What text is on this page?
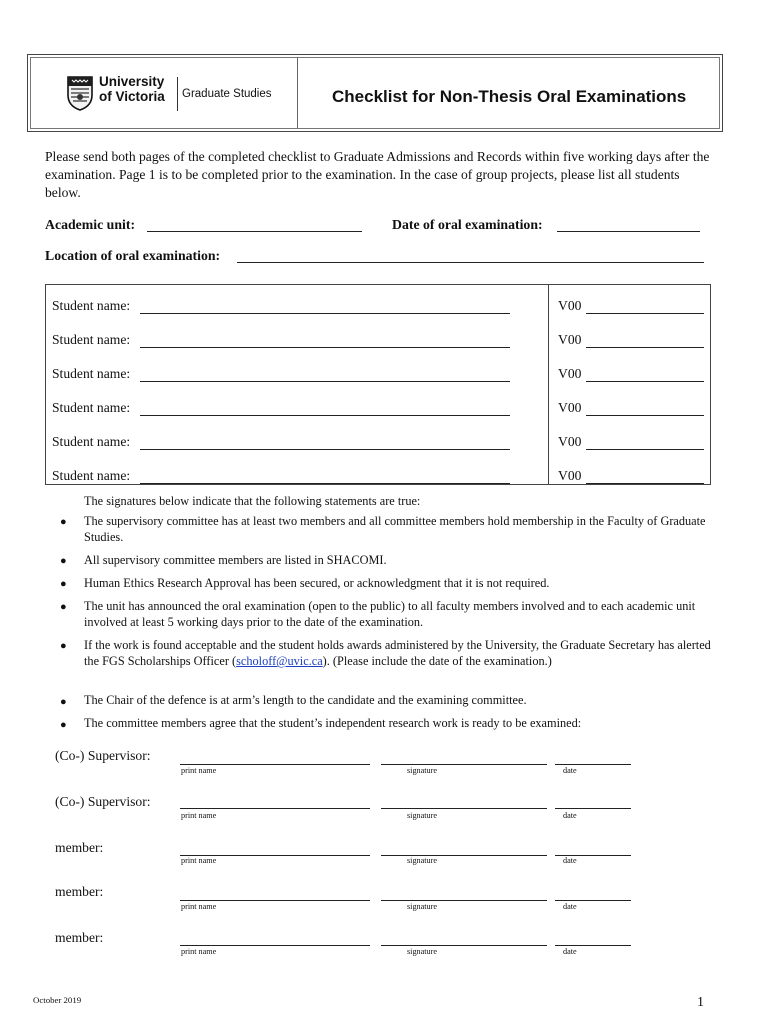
University
of Victoria Graduate Studies	Checklist for Non-Thesis Oral Examinations
Please send both pages of the completed checklist to Graduate Admissions and Records within five working days after the examination. Page 1 is to be completed prior to the examination. In the case of group projects, please list all students below.
Academic unit:	Date of oral examination:
Location of oral examination:
Student name:	V00
Student name:	V00
Student name:	V00
Student name:	V00
Student name:	V00
Student name:	V00
The signatures below indicate that the following statements are true:
● The supervisory committee has at least two members and all committee members hold membership in the Faculty of Graduate Studies.
● All supervisory committee members are listed in SHACOMI.
● Human Ethics Research Approval has been secured, or acknowledgment that it is not required.
● The unit has announced the oral examination (open to the public) to all faculty members involved and to each academic unit involved at least 5 working days prior to the date of the examination.
● If the work is found acceptable and the student holds awards administered by the University, the Graduate Secretary has alerted the FGS Scholarships Officer (scholoff@uvic.ca). (Please include the date of the examination.)
● The Chair of the defence is at arm’s length to the candidate and the examining committee.
● The committee members agree that the student’s independent research work is ready to be examined:
(Co-) Supervisor:
print name	signature	date
(Co-) Supervisor:
print name	signature	date
member:
print name	signature	date
member:
print name	signature	date
member:
print name	signature	date
October 2019	1
